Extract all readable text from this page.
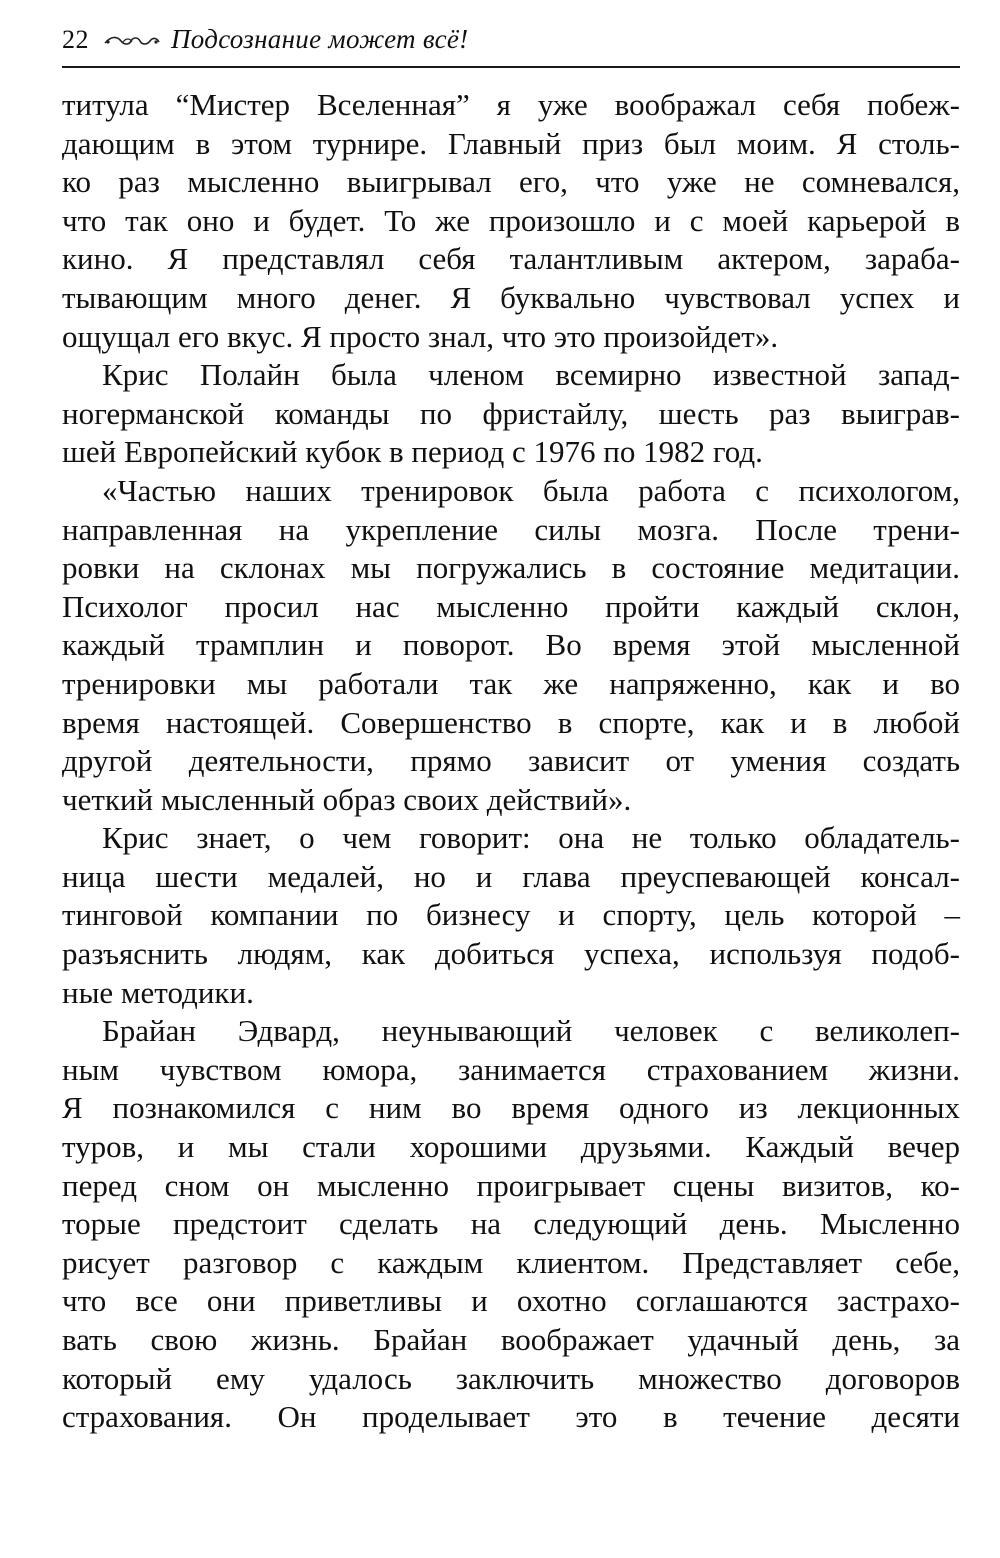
22	Подсознание может всё!
титула “Мистер Вселенная” я уже воображал себя побеж-
дающим в этом турнире. Главный приз был моим. Я столь-
ко раз мысленно выигрывал его, что уже не сомневался,
что так оно и будет. То же произошло и с моей карьерой в
кино. Я представлял себя талантливым актером, зараба-
тывающим много денег. Я буквально чувствовал успех и
ощущал его вкус. Я просто знал, что это произойдет».
Крис Полайн была членом всемирно известной запад-
ногерманской команды по фристайлу, шесть раз выиграв-
шей Европейский кубок в период с 1976 по 1982 год.
«Частью наших тренировок была работа с психологом,
направленная на укрепление силы мозга. После трени-
ровки на склонах мы погружались в состояние медитации.
Психолог просил нас мысленно пройти каждый склон,
каждый трамплин и поворот. Во время этой мысленной
тренировки мы работали так же напряженно, как и во
время настоящей. Совершенство в спорте, как и в любой
другой деятельности, прямо зависит от умения создать
четкий мысленный образ своих действий».
Крис знает, о чем говорит: она не только обладатель-
ница шести медалей, но и глава преуспевающей консал-
тинговой компании по бизнесу и спорту, цель которой –
разъяснить людям, как добиться успеха, используя подоб-
ные методики.
Брайан Эдвард, неунывающий человек с великолеп-
ным чувством юмора, занимается страхованием жизни.
Я познакомился с ним во время одного из лекционных
туров, и мы стали хорошими друзьями. Каждый вечер
перед сном он мысленно проигрывает сцены визитов, ко-
торые предстоит сделать на следующий день. Мысленно
рисует разговор с каждым клиентом. Представляет себе,
что все они приветливы и охотно соглашаются застрахо-
вать свою жизнь. Брайан воображает удачный день, за
который ему удалось заключить множество договоров
страхования. Он проделывает это в течение десяти
